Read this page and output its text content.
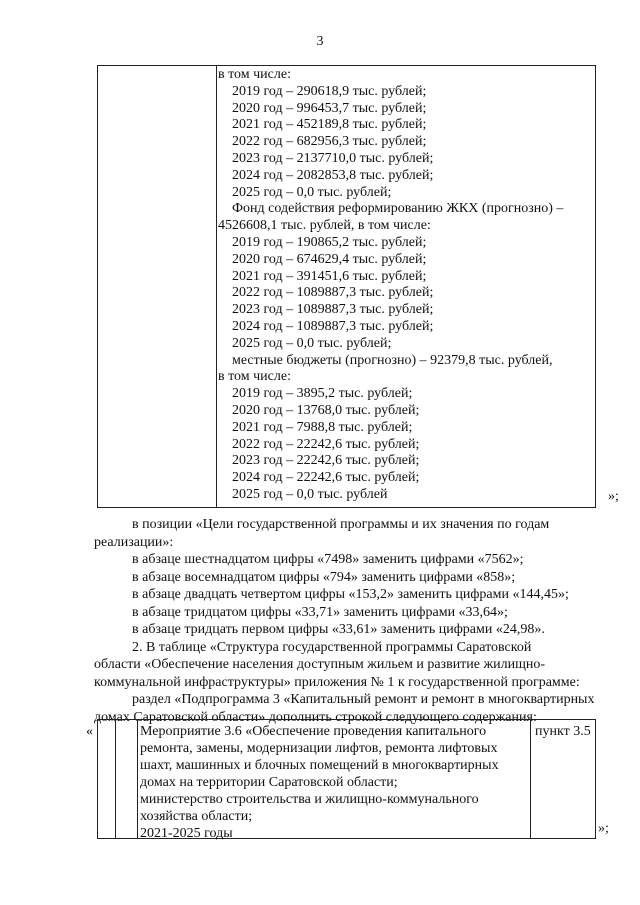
3
в том числе:
2019 год – 290618,9 тыс. рублей;
2020 год – 996453,7 тыс. рублей;
2021 год – 452189,8 тыс. рублей;
2022 год – 682956,3 тыс. рублей;
2023 год – 2137710,0 тыс. рублей;
2024 год – 2082853,8 тыс. рублей;
2025 год – 0,0 тыс. рублей;
Фонд содействия реформированию ЖКХ (прогнозно) –
4526608,1 тыс. рублей, в том числе:
2019 год – 190865,2 тыс. рублей;
2020 год – 674629,4 тыс. рублей;
2021 год – 391451,6 тыс. рублей;
2022 год – 1089887,3 тыс. рублей;
2023 год – 1089887,3 тыс. рублей;
2024 год – 1089887,3 тыс. рублей;
2025 год – 0,0 тыс. рублей;
местные бюджеты (прогнозно) – 92379,8 тыс. рублей,
в том числе:
2019 год – 3895,2 тыс. рублей;
2020 год – 13768,0 тыс. рублей;
2021 год – 7988,8 тыс. рублей;
2022 год – 22242,6 тыс. рублей;
2023 год – 22242,6 тыс. рублей;
2024 год – 22242,6 тыс. рублей;
2025 год – 0,0 тыс. рублей	»;
в позиции «Цели государственной программы и их значения по годам
реализации»:
в абзаце шестнадцатом цифры «7498» заменить цифрами «7562»;
в абзаце восемнадцатом цифры «794» заменить цифрами «858»;
в абзаце двадцать четвертом цифры «153,2» заменить цифрами «144,45»;
в абзаце тридцатом цифры «33,71» заменить цифрами «33,64»;
в абзаце тридцать первом цифры «33,61» заменить цифрами «24,98».
2. В таблице «Структура государственной программы Саратовской
области «Обеспечение населения доступным жильем и развитие жилищно-
коммунальной инфраструктуры» приложения № 1 к государственной программе:
раздел «Подпрограмма 3 «Капитальный ремонт и ремонт в многоквартирных
домах Саратовской области» дополнить строкой следующего содержания:
«	Мероприятие 3.6 «Обеспечение проведения капитального
ремонта, замены, модернизации лифтов, ремонта лифтовых
шахт, машинных и блочных помещений в многоквартирных
домах на территории Саратовской области;
министерство строительства и жилищно-коммунального
хозяйства области;
2021-2025 годы
пункт 3.5
»;
